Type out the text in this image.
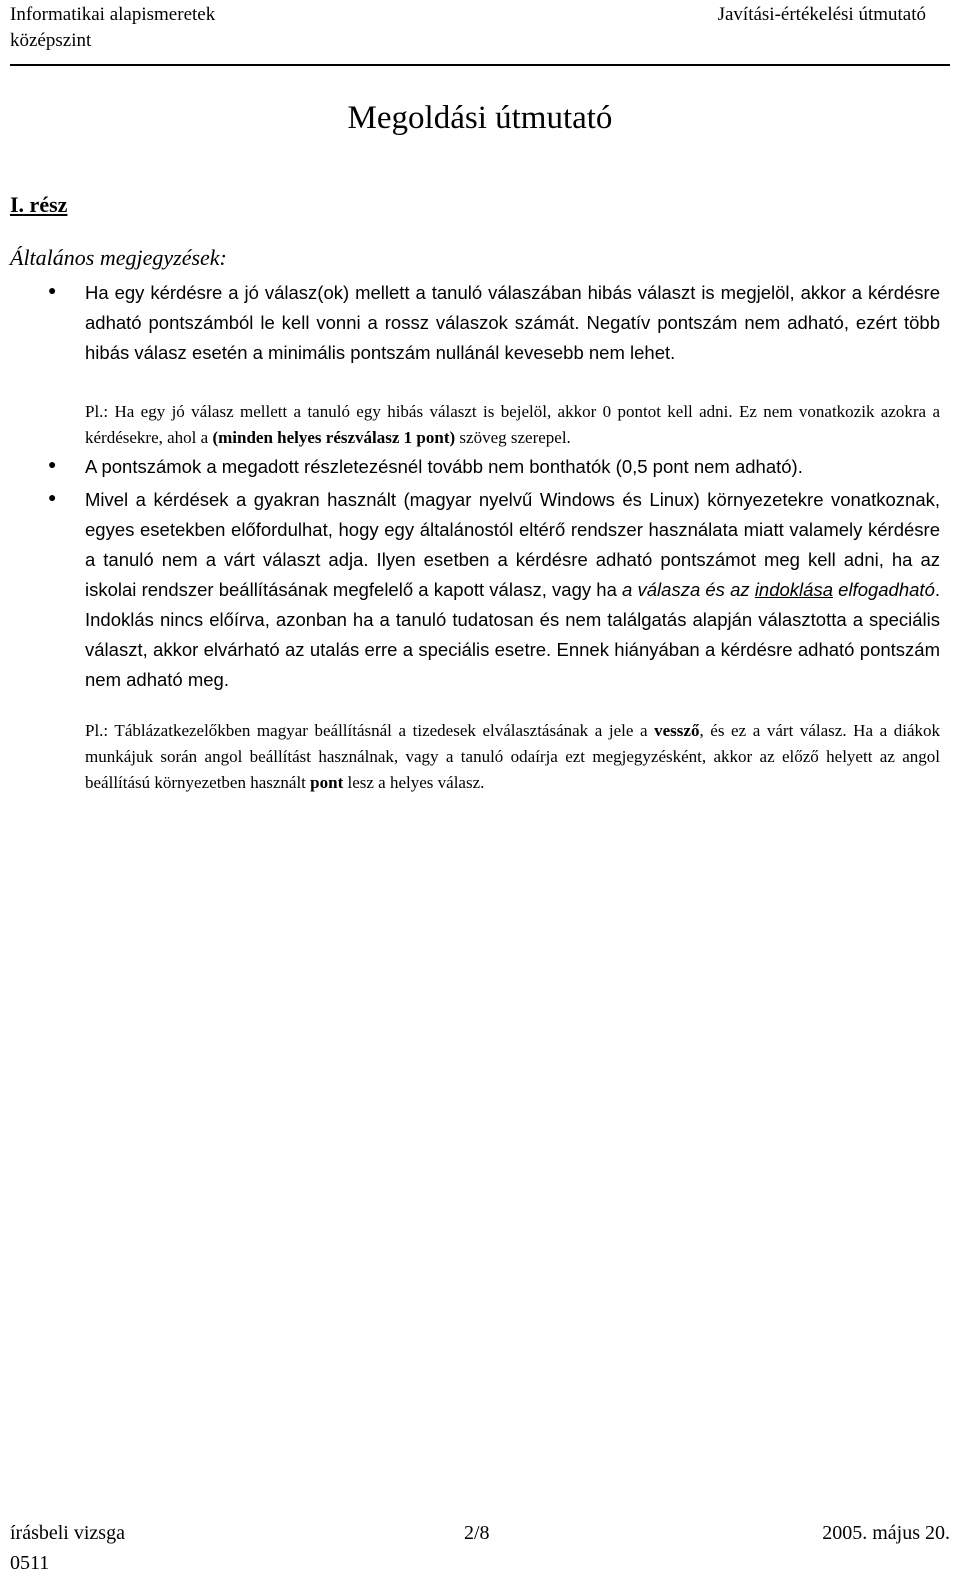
Informatikai alapismeretek
középszint
Javítási-értékelési útmutató
Megoldási útmutató
I. rész
Általános megjegyzések:
● Ha egy kérdésre a jó válasz(ok) mellett a tanuló válaszában hibás választ is megjelöl, akkor a kérdésre adható pontszámból le kell vonni a rossz válaszok számát. Negatív pontszám nem adható, ezért több hibás válasz esetén a minimális pontszám nullánál kevesebb nem lehet.
Pl.: Ha egy jó válasz mellett a tanuló egy hibás választ is bejelöl, akkor 0 pontot kell adni. Ez nem vonatkozik azokra a kérdésekre, ahol a (minden helyes részválasz 1 pont) szöveg szerepel.
● A pontszámok a megadott részletezésnél tovább nem bonthatók (0,5 pont nem adható).
● Mivel a kérdések a gyakran használt (magyar nyelvű Windows és Linux) környezetekre vonatkoznak, egyes esetekben előfordulhat, hogy egy általánostól eltérő rendszer használata miatt valamely kérdésre a tanuló nem a várt választ adja. Ilyen esetben a kérdésre adható pontszámot meg kell adni, ha az iskolai rendszer beállításának megfelelő a kapott válasz, vagy ha a válasza és az indoklása elfogadható. Indoklás nincs előírva, azonban ha a tanuló tudatosan és nem találgatás alapján választotta a speciális választ, akkor elvárható az utalás erre a speciális esetre. Ennek hiányában a kérdésre adható pontszám nem adható meg.
Pl.: Táblázatkezelőkben magyar beállításnál a tizedesek elválasztásának a jele a vessző, és ez a várt válasz. Ha a diákok munkájuk során angol beállítást használnak, vagy a tanuló odaírja ezt megjegyzésként, akkor az előző helyett az angol beállítású környezetben használt pont lesz a helyes válasz.
írásbeli vizsga	2/8	2005. május 20.
0511
